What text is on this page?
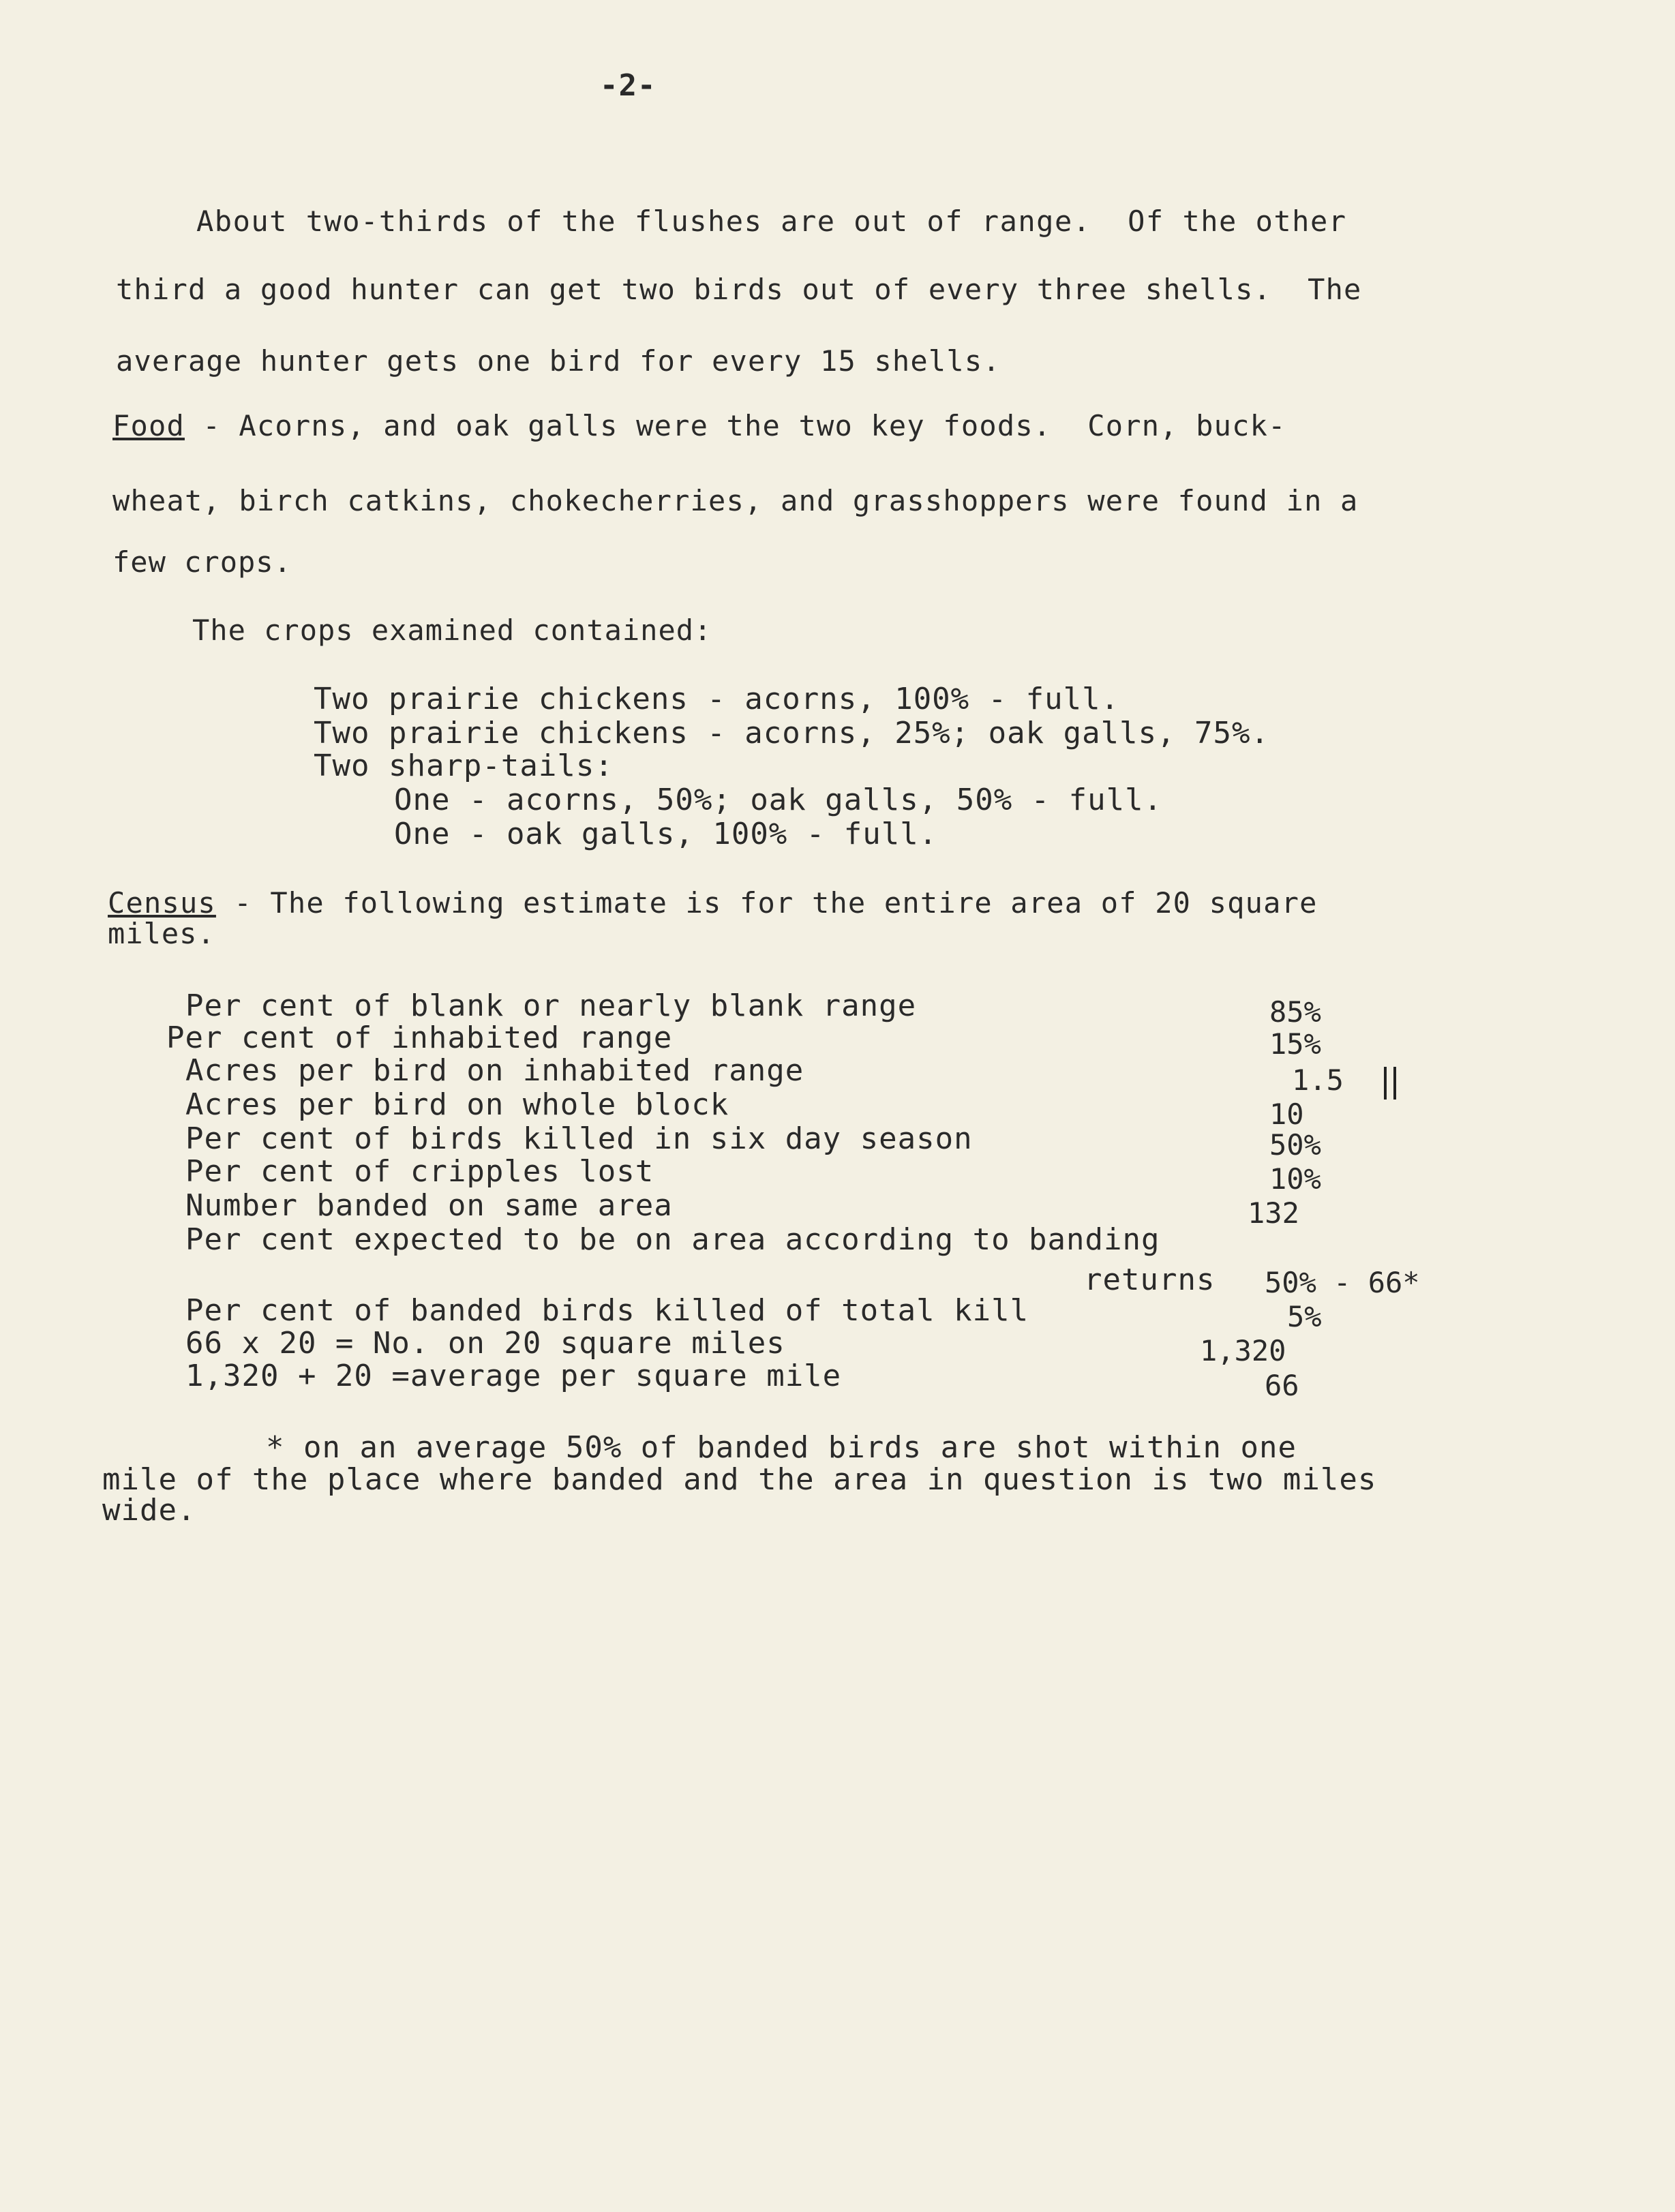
-2-
About two-thirds of the flushes are out of range.  Of the other
third a good hunter can get two birds out of every three shells.  The
average hunter gets one bird for every 15 shells.
Food - Acorns, and oak galls were the two key foods.  Corn, buck-
wheat, birch catkins, chokecherries, and grasshoppers were found in a
few crops.
The crops examined contained:
Two prairie chickens - acorns, 100% - full.
Two prairie chickens - acorns, 25%; oak galls, 75%.
Two sharp-tails:
One - acorns, 50%; oak galls, 50% - full.
One - oak galls, 100% - full.
Census - The following estimate is for the entire area of 20 square
miles.
Per cent of blank or nearly blank range	85%
Per cent of inhabited range	15%
Acres per bird on inhabited range	1.5
Acres per bird on whole block	10
Per cent of birds killed in six day season	50%
Per cent of cripples lost	10%
Number banded on same area	132
Per cent expected to be on area according to banding
returns 50% - 66*
Per cent of banded birds killed of total kill	5%
66 x 20 = No. on 20 square miles	1,320
1,320 + 20 =average per square mile	66
* on an average 50% of banded birds are shot within one
mile of the place where banded and the area in question is two miles
wide.
